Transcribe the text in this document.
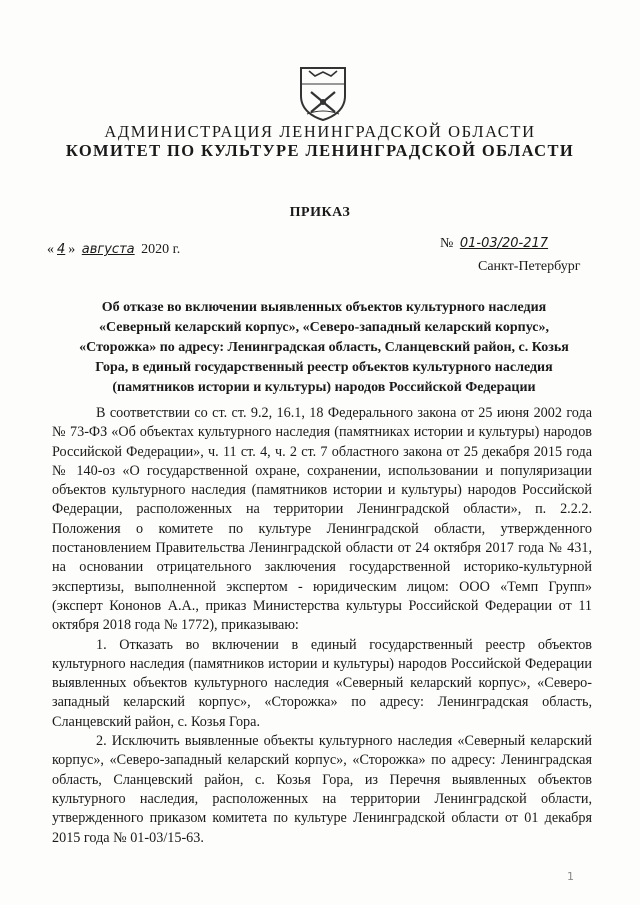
АДМИНИСТРАЦИЯ ЛЕНИНГРАДСКОЙ ОБЛАСТИ
КОМИТЕТ ПО КУЛЬТУРЕ ЛЕНИНГРАДСКОЙ ОБЛАСТИ
ПРИКАЗ
« 4 » августа 2020 г.	№ 01-03/20-217
Санкт-Петербург
Об отказе во включении выявленных объектов культурного наследия «Северный келарский корпус», «Северо-западный келарский корпус», «Сторожка» по адресу: Ленинградская область, Сланцевский район, с. Козья Гора, в единый государственный реестр объектов культурного наследия (памятников истории и культуры) народов Российской Федерации

В соответствии со ст. ст. 9.2, 16.1, 18 Федерального закона от 25 июня 2002 года № 73-ФЗ «Об объектах культурного наследия (памятниках истории и культуры) народов Российской Федерации», ч. 11 ст. 4, ч. 2 ст. 7 областного закона от 25 декабря 2015 года № 140-оз «О государственной охране, сохранении, использовании и популяризации объектов культурного наследия (памятников истории и культуры) народов Российской Федерации, расположенных на территории Ленинградской области», п. 2.2.2. Положения о комитете по культуре Ленинградской области, утвержденного постановлением Правительства Ленинградской области от 24 октября 2017 года № 431, на основании отрицательного заключения государственной историко-культурной экспертизы, выполненной экспертом - юридическим лицом: ООО «Темп Групп» (эксперт Кононов А.А., приказ Министерства культуры Российской Федерации от 11 октября 2018 года № 1772), приказываю:

1. Отказать во включении в единый государственный реестр объектов культурного наследия (памятников истории и культуры) народов Российской Федерации выявленных объектов культурного наследия «Северный келарский корпус», «Северо-западный келарский корпус», «Сторожка» по адресу: Ленинградская область, Сланцевский район, с. Козья Гора.

2. Исключить выявленные объекты культурного наследия «Северный келарский корпус», «Северо-западный келарский корпус», «Сторожка» по адресу: Ленинградская область, Сланцевский район, с. Козья Гора, из Перечня выявленных объектов культурного наследия, расположенных на территории Ленинградской области, утвержденного приказом комитета по культуре Ленинградской области от 01 декабря 2015 года № 01-03/15-63.

1
